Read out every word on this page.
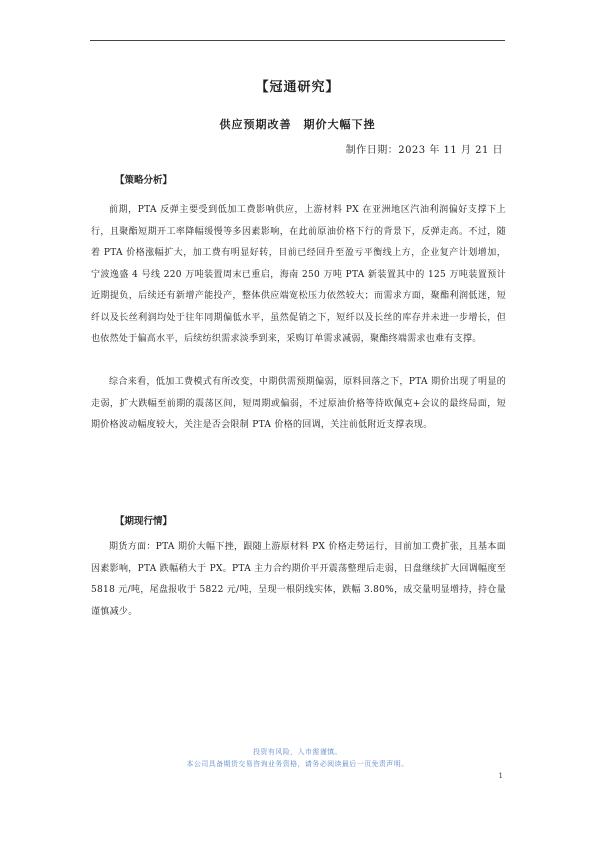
【冠通研究】
供应预期改善　期价大幅下挫
制作日期：2023 年 11 月 21 日
【策略分析】

前期，PTA 反弹主要受到低加工费影响供应，上游材料 PX 在亚洲地区汽油利润偏好支撑下上行，且聚酯短期开工率降幅缓慢等多因素影响，在此前原油价格下行的背景下，反弹走高。不过，随着 PTA 价格涨幅扩大，加工费有明显好转，目前已经回升至盈亏平衡线上方，企业复产计划增加，宁波逸盛 4 号线 220 万吨装置周末已重启，海南 250 万吨 PTA 新装置其中的 125 万吨装置预计近期提负，后续还有新增产能投产，整体供应端宽松压力依然较大；而需求方面，聚酯利润低迷，短纤以及长丝利润均处于往年同期偏低水平，虽然促销之下，短纤以及长丝的库存并未进一步增长，但也依然处于偏高水平，后续纺织需求淡季到来，采购订单需求减弱，聚酯终端需求也难有支撑。

综合来看，低加工费模式有所改变，中期供需预期偏弱，原料回落之下，PTA 期价出现了明显的走弱，扩大跌幅至前期的震荡区间，短周期或偏弱，不过原油价格等待欧佩克+会议的最终局面，短期价格波动幅度较大，关注是否会限制 PTA 价格的回调，关注前低附近支撑表现。

【期现行情】

期货方面：PTA 期价大幅下挫，跟随上游原材料 PX 价格走势运行，目前加工费扩张，且基本面因素影响，PTA 跌幅稍大于 PX。PTA 主力合约期价平开震荡整理后走弱，日盘继续扩大回调幅度至 5818 元/吨，尾盘报收于 5822 元/吨，呈现一根阴线实体，跌幅 3.80%，成交量明显增持，持仓量谨慎减少。

投资有风险，入市需谨慎。
本公司具备期货交易咨询业务资格，请务必阅读最后一页免责声明。
1
